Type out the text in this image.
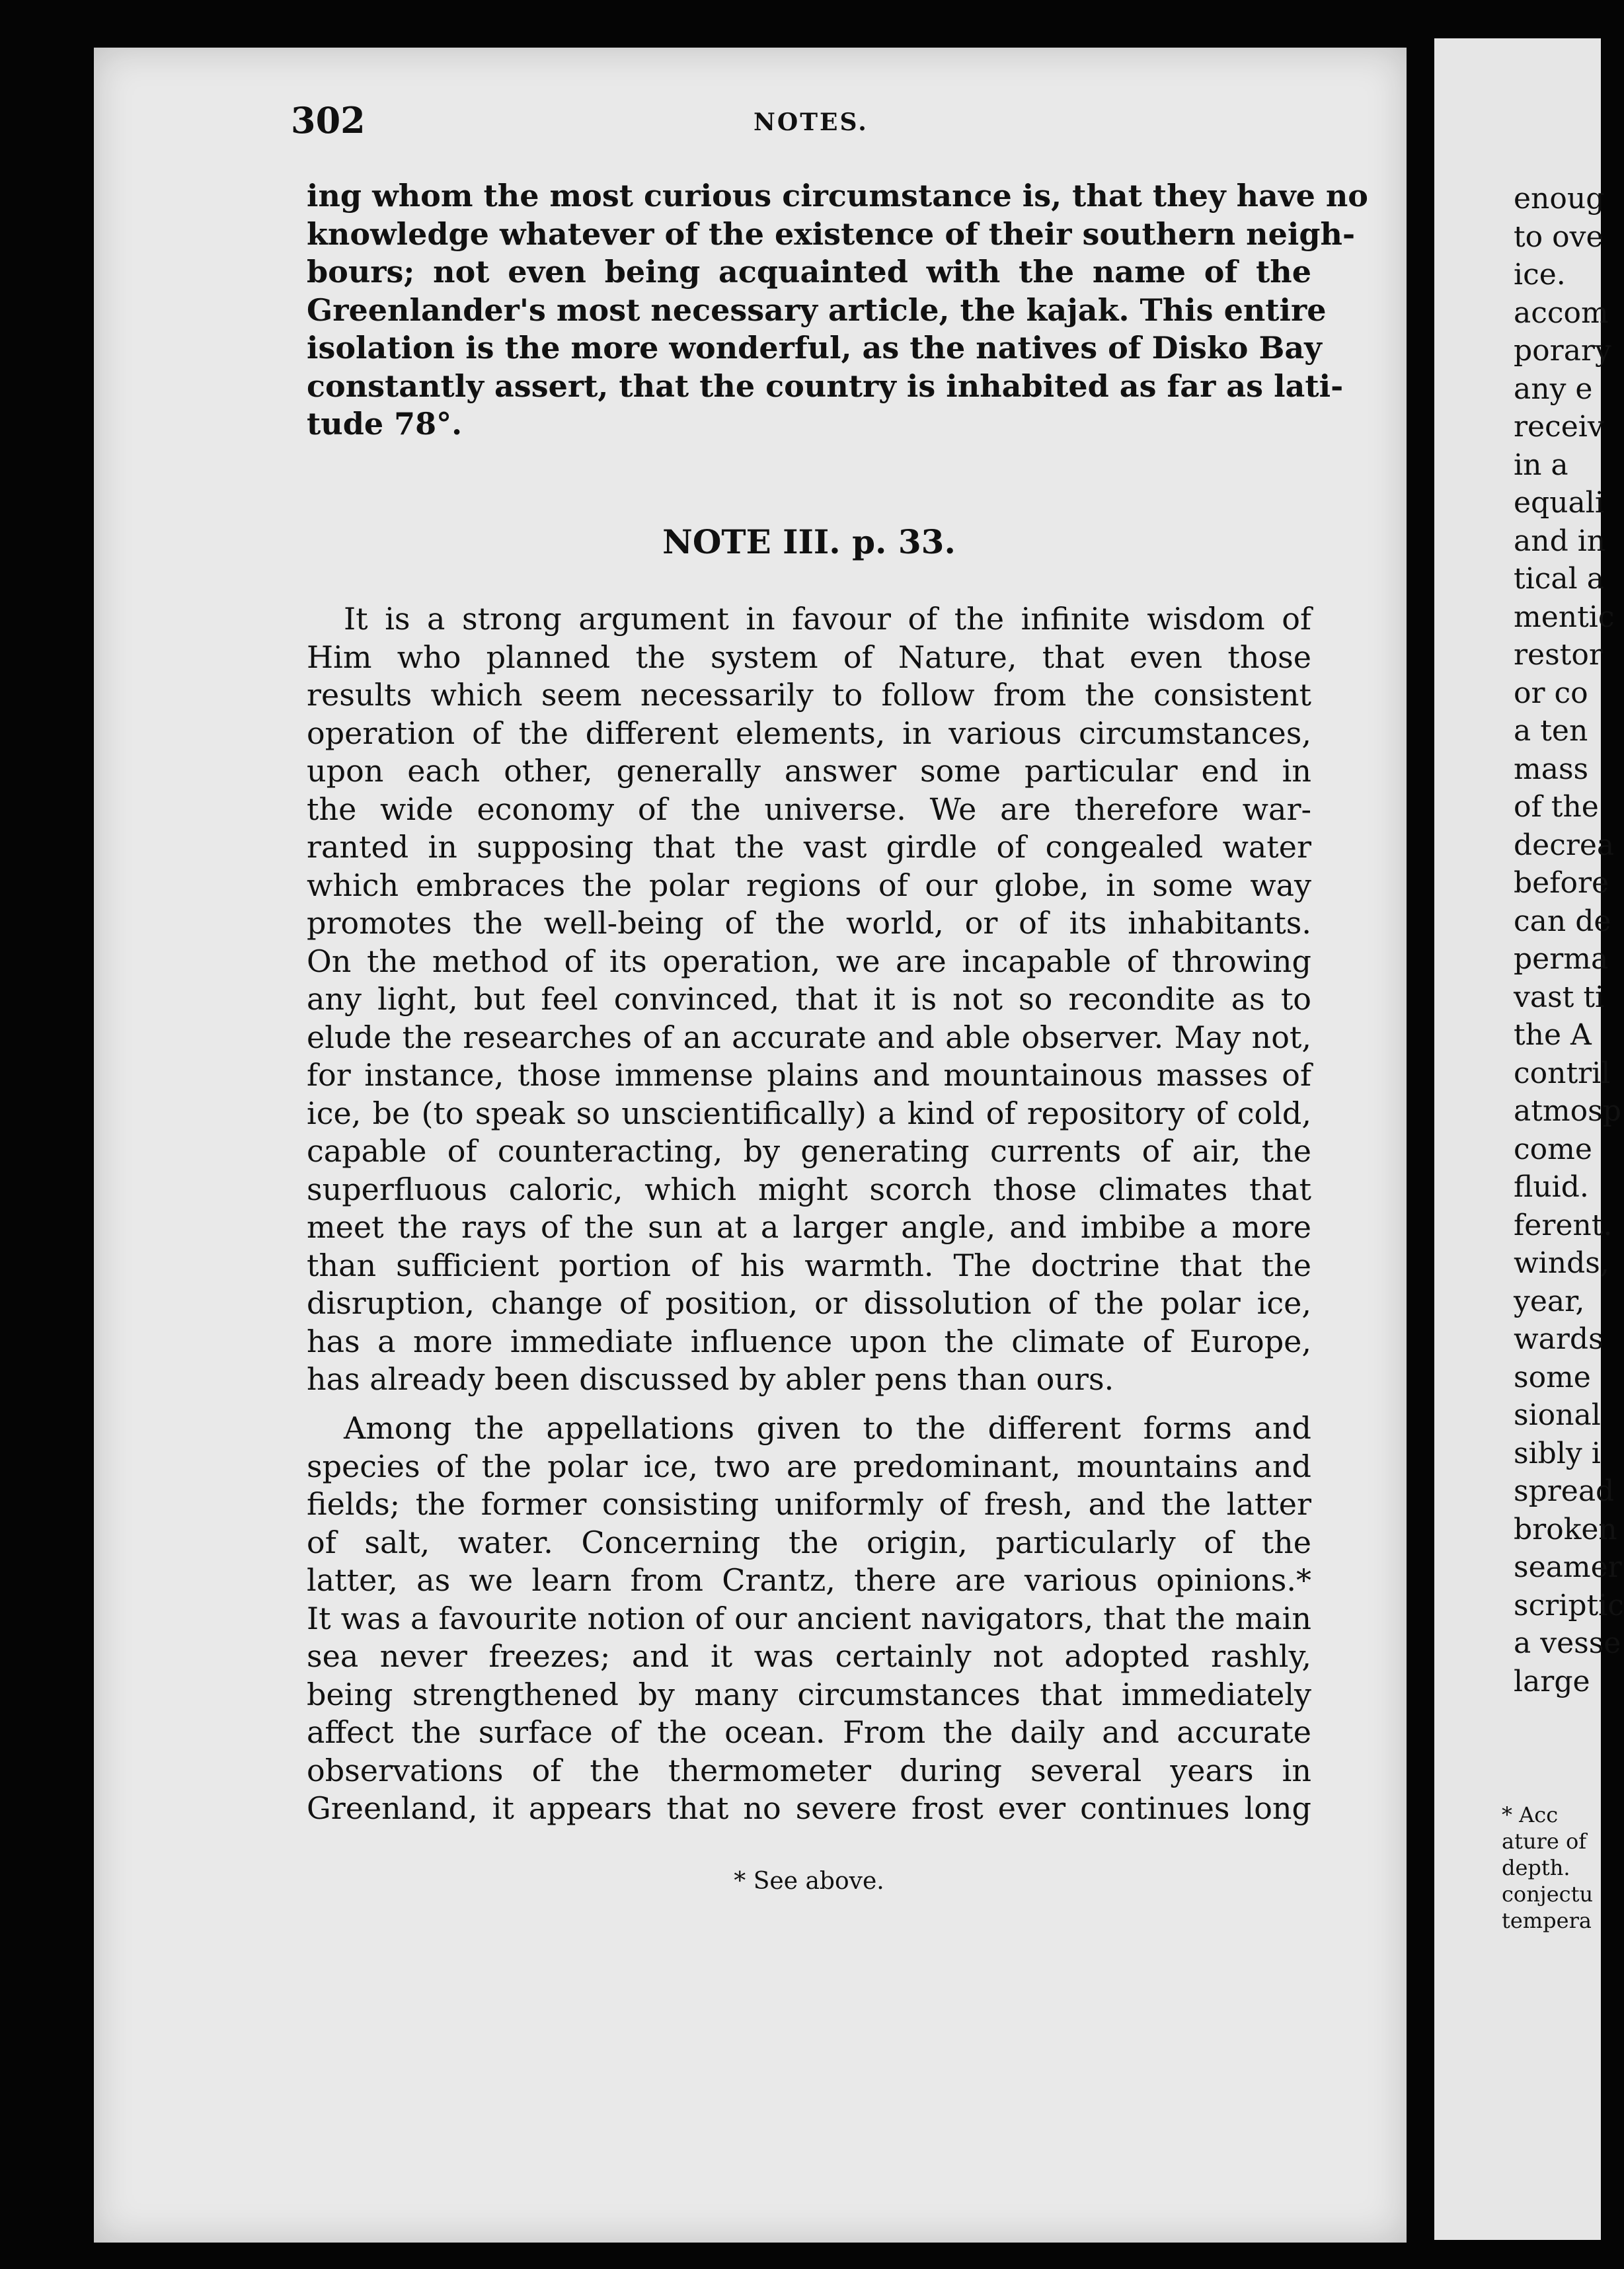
302	NOTES.
ing whom the most curious circumstance is, that they have no
knowledge whatever of the existence of their southern neigh-
bours; not even being acquainted with the name of the
Greenlander's most necessary article, the kajak. This entire
isolation is the more wonderful, as the natives of Disko Bay
constantly assert, that the country is inhabited as far as lati-
tude 78°.
NOTE III. p. 33.
It is a strong argument in favour of the infinite wisdom of
Him who planned the system of Nature, that even those
results which seem necessarily to follow from the consistent
operation of the different elements, in various circumstances,
upon each other, generally answer some particular end in
the wide economy of the universe. We are therefore war-
ranted in supposing that the vast girdle of congealed water
which embraces the polar regions of our globe, in some way
promotes the well-being of the world, or of its inhabitants.
On the method of its operation, we are incapable of throwing
any light, but feel convinced, that it is not so recondite as to
elude the researches of an accurate and able observer. May not,
for instance, those immense plains and mountainous masses of
ice, be (to speak so unscientifically) a kind of repository of cold,
capable of counteracting, by generating currents of air, the
superfluous caloric, which might scorch those climates that
meet the rays of the sun at a larger angle, and imbibe a more
than sufficient portion of his warmth. The doctrine that the
disruption, change of position, or dissolution of the polar ice,
has a more immediate influence upon the climate of Europe,
has already been discussed by abler pens than ours.
Among the appellations given to the different forms and
species of the polar ice, two are predominant, mountains and
fields; the former consisting uniformly of fresh, and the latter
of salt, water. Concerning the origin, particularly of the
latter, as we learn from Crantz, there are various opinions.*
It was a favourite notion of our ancient navigators, that the main
sea never freezes; and it was certainly not adopted rashly,
being strengthened by many circumstances that immediately
affect the surface of the ocean. From the daily and accurate
observations of the thermometer during several years in
Greenland, it appears that no severe frost ever continues long
* See above.
enoug
to ove
ice.
accom
porary
any e
receiv
in a
equali
and in
tical a
mentic
restor
or co
a ten
mass
of the
decrea
before
can de
perma
vast ti
the A
contril
atmosp
come
fluid.
ferent.
winds,
year,
wards
some
sional
sibly i
spread
broken
seamer
scriptic
a vesse
large
* Acc
ature of
depth.
conjectu
tempera
